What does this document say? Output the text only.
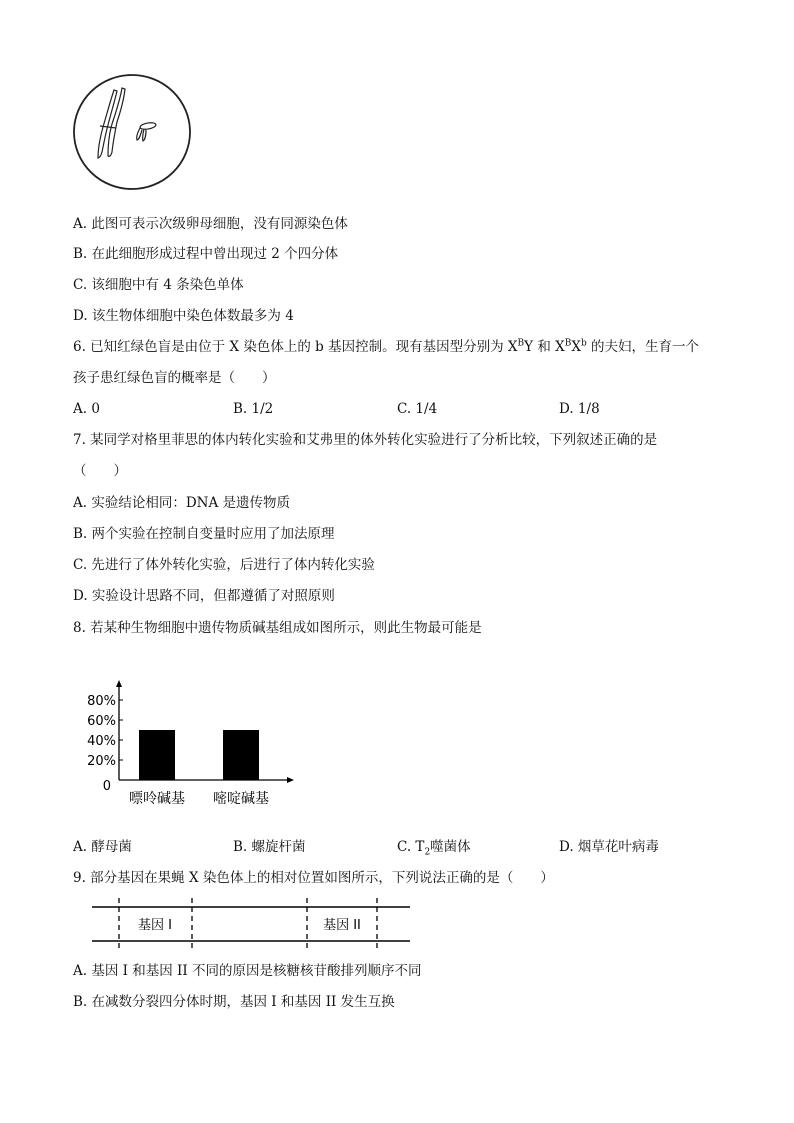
A. 此图可表示次级卵母细胞，没有同源染色体
B. 在此细胞形成过程中曾出现过 2 个四分体
C. 该细胞中有 4 条染色单体
D. 该生物体细胞中染色体数最多为 4
6. 已知红绿色盲是由位于 X 染色体上的 b 基因控制。现有基因型分别为 $X^BY$ 和 $X^BX^b$ 的夫妇，生育一个
孩子患红绿色盲的概率是（　　）
A. 0	B. 1/2	C. 1/4	D. 1/8
7. 某同学对格里菲思的体内转化实验和艾弗里的体外转化实验进行了分析比较，下列叙述正确的是
（　　）
A. 实验结论相同：DNA 是遗传物质
B. 两个实验在控制自变量时应用了加法原理
C. 先进行了体外转化实验，后进行了体内转化实验
D. 实验设计思路不同，但都遵循了对照原则
8. 若某种生物细胞中遗传物质碱基组成如图所示，则此生物最可能是
0
20%
40%
60%
80%
嘌呤碱基 嘧啶碱基
A. 酵母菌	B. 螺旋杆菌	C. $T_2$噬菌体	D. 烟草花叶病毒
9. 部分基因在果蝇 X 染色体上的相对位置如图所示，下列说法正确的是（　　）
基因 I	基因 II
A. 基因 I 和基因 II 不同的原因是核糖核苷酸排列顺序不同
B. 在减数分裂四分体时期，基因 I 和基因 II 发生互换
